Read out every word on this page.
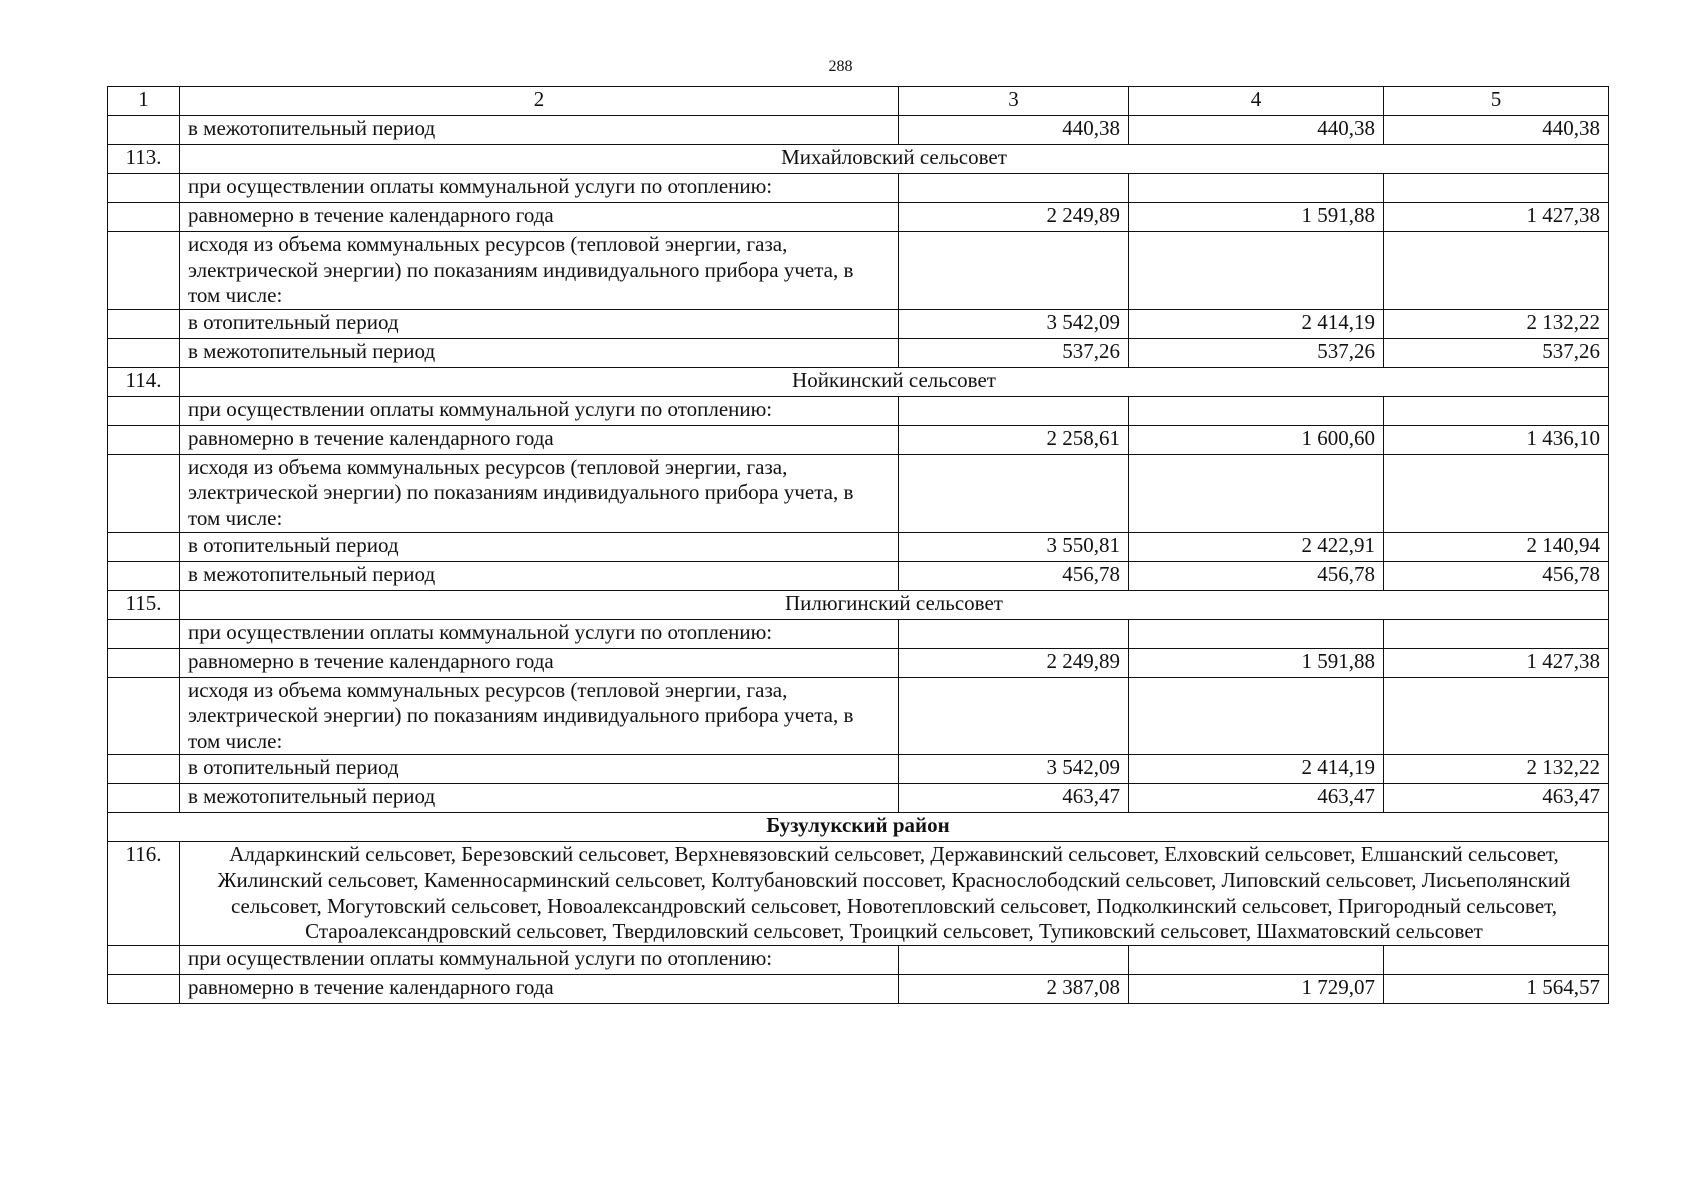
288
1	2	3	4	5
	в межотопительный период	440,38	440,38	440,38
113.	Михайловский сельсовет			
	при осуществлении оплаты коммунальной услуги по отоплению:			
	равномерно в течение календарного года	2 249,89	1 591,88	1 427,38
	исходя из объема коммунальных ресурсов (тепловой энергии, газа, электрической энергии) по показаниям индивидуального прибора учета, в том числе:			
	в отопительный период	3 542,09	2 414,19	2 132,22
	в межотопительный период	537,26	537,26	537,26
114.	Нойкинский сельсовет			
	при осуществлении оплаты коммунальной услуги по отоплению:			
	равномерно в течение календарного года	2 258,61	1 600,60	1 436,10
	исходя из объема коммунальных ресурсов (тепловой энергии, газа, электрической энергии) по показаниям индивидуального прибора учета, в том числе:			
	в отопительный период	3 550,81	2 422,91	2 140,94
	в межотопительный период	456,78	456,78	456,78
115.	Пилюгинский сельсовет			
	при осуществлении оплаты коммунальной услуги по отоплению:			
	равномерно в течение календарного года	2 249,89	1 591,88	1 427,38
	исходя из объема коммунальных ресурсов (тепловой энергии, газа, электрической энергии) по показаниям индивидуального прибора учета, в том числе:			
	в отопительный период	3 542,09	2 414,19	2 132,22
	в межотопительный период	463,47	463,47	463,47
Бузулукский район				
116.	Алдаркинский сельсовет, Березовский сельсовет, Верхневязовский сельсовет, Державинский сельсовет, Елховский сельсовет, Елшанский сельсовет, Жилинский сельсовет, Каменносарминский сельсовет, Колтубановский поссовет, Краснослободский сельсовет, Липовский сельсовет, Лисьеполянский сельсовет, Могутовский сельсовет, Новоалександровский сельсовет, Новотепловский сельсовет, Подколкинский сельсовет, Пригородный сельсовет, Староалександровский сельсовет, Твердиловский сельсовет, Троицкий сельсовет, Тупиковский сельсовет, Шахматовский сельсовет			
	при осуществлении оплаты коммунальной услуги по отоплению:			
	равномерно в течение календарного года	2 387,08	1 729,07	1 564,57
